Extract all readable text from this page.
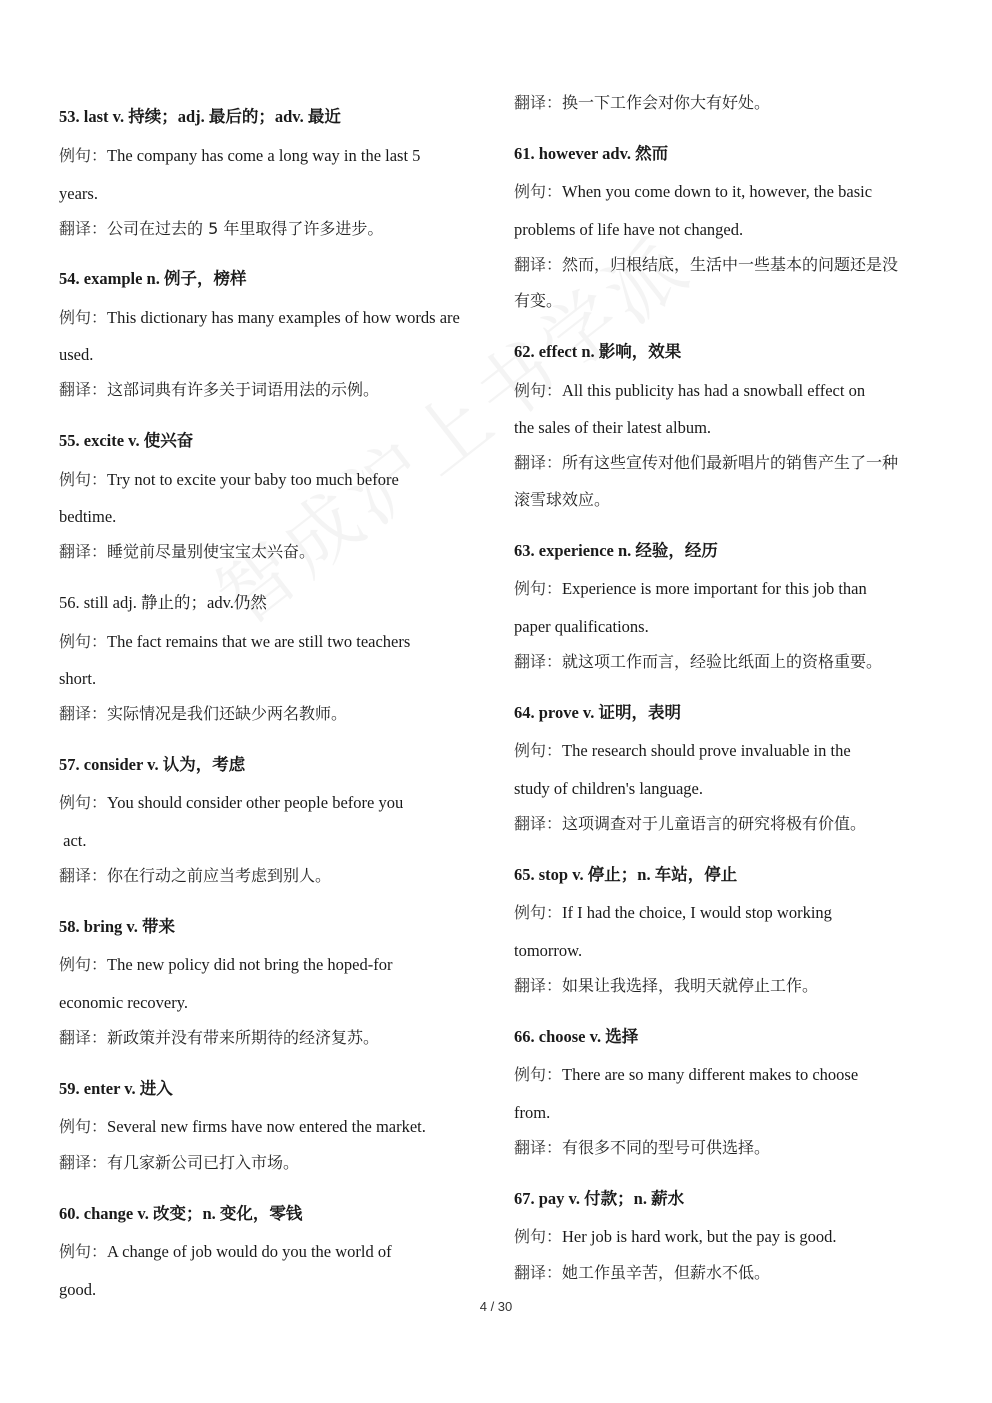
53. last v. 持续；adj. 最后的；adv. 最近
例句：The company has come a long way in the last 5
years.
翻译：公司在过去的 5 年里取得了许多进步。
54. example n. 例子，榜样
例句：This dictionary has many examples of how words are
used.
翻译：这部词典有许多关于词语用法的示例。
55. excite v. 使兴奋
例句：Try not to excite your baby too much before
bedtime.
翻译：睡觉前尽量别使宝宝太兴奋。
56. still adj. 静止的；adv.仍然
例句：The fact remains that we are still two teachers
short.
翻译：实际情况是我们还缺少两名教师。
57. consider v. 认为，考虑
例句：You should consider other people before you
act.
翻译：你在行动之前应当考虑到别人。
58. bring v. 带来
例句：The new policy did not bring the hoped-for
economic recovery.
翻译：新政策并没有带来所期待的经济复苏。
59. enter v. 进入
例句：Several new firms have now entered the market.
翻译：有几家新公司已打入市场。
60. change v. 改变；n. 变化，零钱
例句：A change of job would do you the world of
good.
翻译：换一下工作会对你大有好处。
61. however adv. 然而
例句：When you come down to it, however, the basic
problems of life have not changed.
翻译：然而，归根结底，生活中一些基本的问题还是没
有变。
62. effect n. 影响，效果
例句：All this publicity has had a snowball effect on
the sales of their latest album.
翻译：所有这些宣传对他们最新唱片的销售产生了一种
滚雪球效应。
63. experience n. 经验，经历
例句：Experience is more important for this job than
paper qualifications.
翻译：就这项工作而言，经验比纸面上的资格重要。
64. prove v. 证明，表明
例句：The research should prove invaluable in the
study of children's language.
翻译：这项调查对于儿童语言的研究将极有价值。
65. stop v. 停止；n. 车站，停止
例句：If I had the choice, I would stop working
tomorrow.
翻译：如果让我选择，我明天就停止工作。
66. choose v. 选择
例句：There are so many different makes to choose
from.
翻译：有很多不同的型号可供选择。
67. pay v. 付款；n. 薪水
例句：Her job is hard work, but the pay is good.
翻译：她工作虽辛苦，但薪水不低。
4 / 30
